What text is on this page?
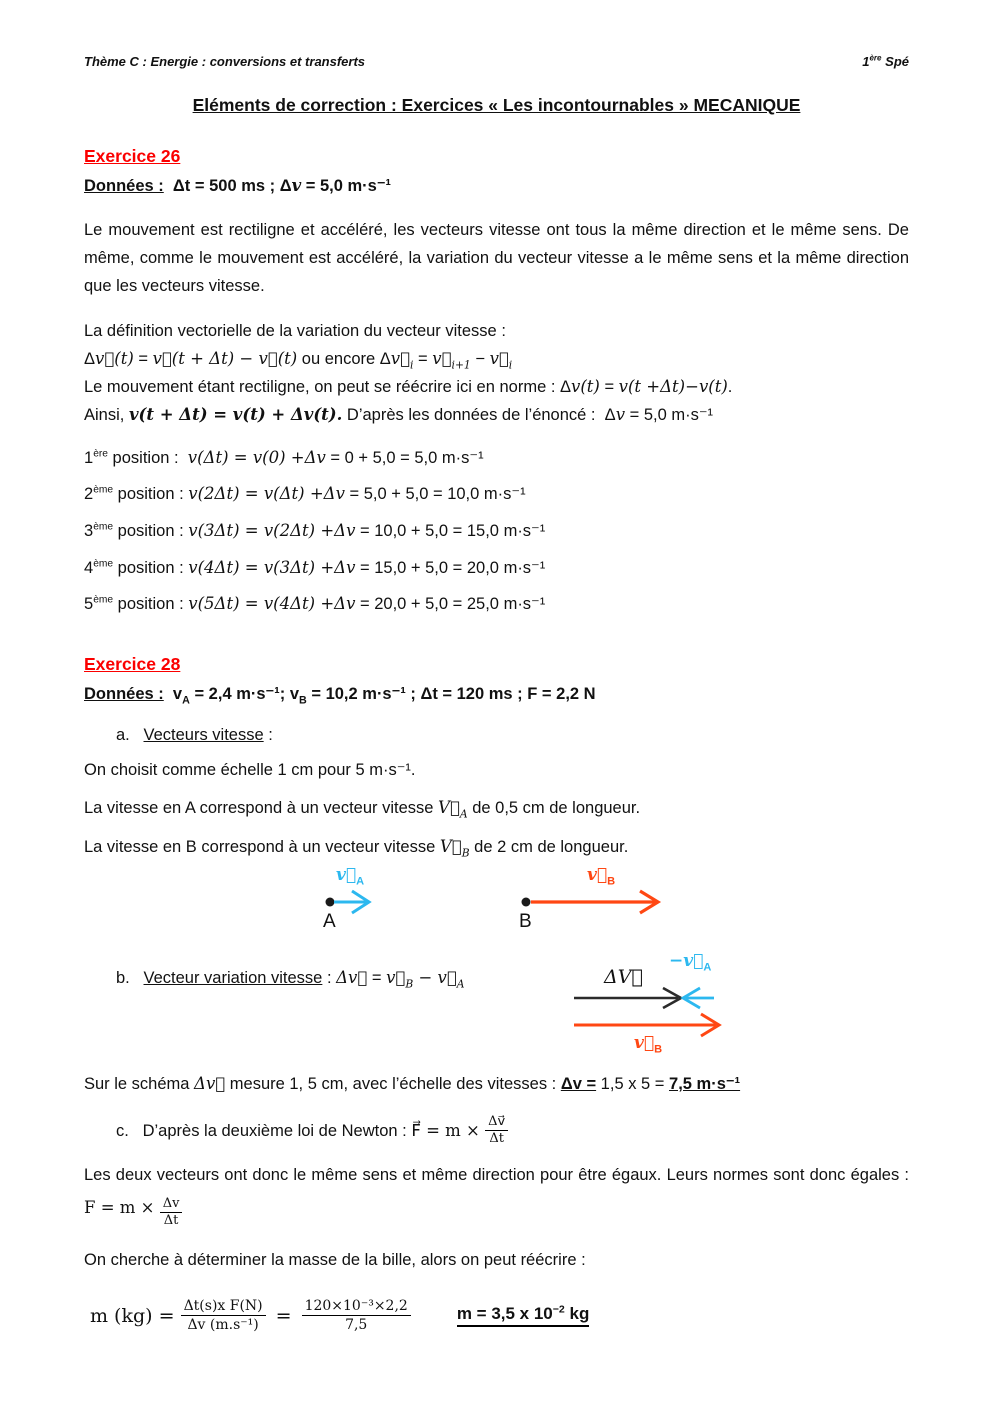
Thème C : Energie : conversions et transferts	1ère Spé
Eléments de correction : Exercices « Les incontournables » MECANIQUE
Exercice 26
Données :  Δt = 500 ms ; Δv = 5,0 m·s⁻¹

Le mouvement est rectiligne et accéléré, les vecteurs vitesse ont tous la même direction et le même sens. De même, comme le mouvement est accéléré, la variation du vecteur vitesse a le même sens et la même direction que les vecteurs vitesse.

La définition vectorielle de la variation du vecteur vitesse :
Δv⃗(t) = v⃗(t + Δt) − v⃗(t) ou encore $\Delta v⃗_i$ = $v⃗_{i+1}$ − $v⃗_i$
Le mouvement étant rectiligne, on peut se réécrire ici en norme : Δv(t) = v(t +Δt)−v(t).
Ainsi, v(t + Δt) = v(t) + Δv(t). D’après les données de l’énoncé :  Δv = 5,0 m·s⁻¹
1ère position :  v(Δt) = v(0) +Δv = 0 + 5,0 = 5,0 m·s⁻¹
2ème position : v(2Δt) = v(Δt) +Δv = 5,0 + 5,0 = 10,0 m·s⁻¹
3ème position : v(3Δt) = v(2Δt) +Δv = 10,0 + 5,0 = 15,0 m·s⁻¹
4ème position : v(4Δt) = v(3Δt) +Δv = 15,0 + 5,0 = 20,0 m·s⁻¹
5ème position : v(5Δt) = v(4Δt) +Δv = 20,0 + 5,0 = 25,0 m·s⁻¹
Exercice 28
Données :  $v_A = 2,4$ m·s⁻¹; $v_B = 10,2$ m·s⁻¹ ; Δt = 120 ms ; F = 2,2 N
a.   Vecteurs vitesse :
On choisit comme échelle 1 cm pour 5 m·s⁻¹.
La vitesse en A correspond à un vecteur vitesse $V⃗_A$ de 0,5 cm de longueur.
La vitesse en B correspond à un vecteur vitesse $V⃗_B$ de 2 cm de longueur.
$v⃗_A$
A
$v⃗_B$
B
b.   Vecteur variation vitesse : Δv⃗ = $v⃗_B$ − $v⃗_A$	ΔV⃗
$-v⃗_A$
$v⃗_B$
Sur le schéma Δv⃗ mesure 1, 5 cm, avec l’échelle des vitesses : Δv = 1,5 x 5 = 7,5 m·s⁻¹
c.   D’après la deuxième loi de Newton : F⃗ = $m \times \frac{\Delta v⃗}{\Delta t}$

Les deux vecteurs ont donc le même sens et même direction pour être égaux. Leurs normes sont donc égales : $F = m \times \frac{\Delta v}{\Delta t}$

On cherche à déterminer la masse de la bille, alors on peut réécrire :
m $(kg) = \frac{\text{Δt(s)x F(N)}}{\text{Δv (m.s⁻¹)}} = \frac{\text{120×10⁻³×2,2}}{7,5}$	m = 3,5 x $10^{-2}$ kg
